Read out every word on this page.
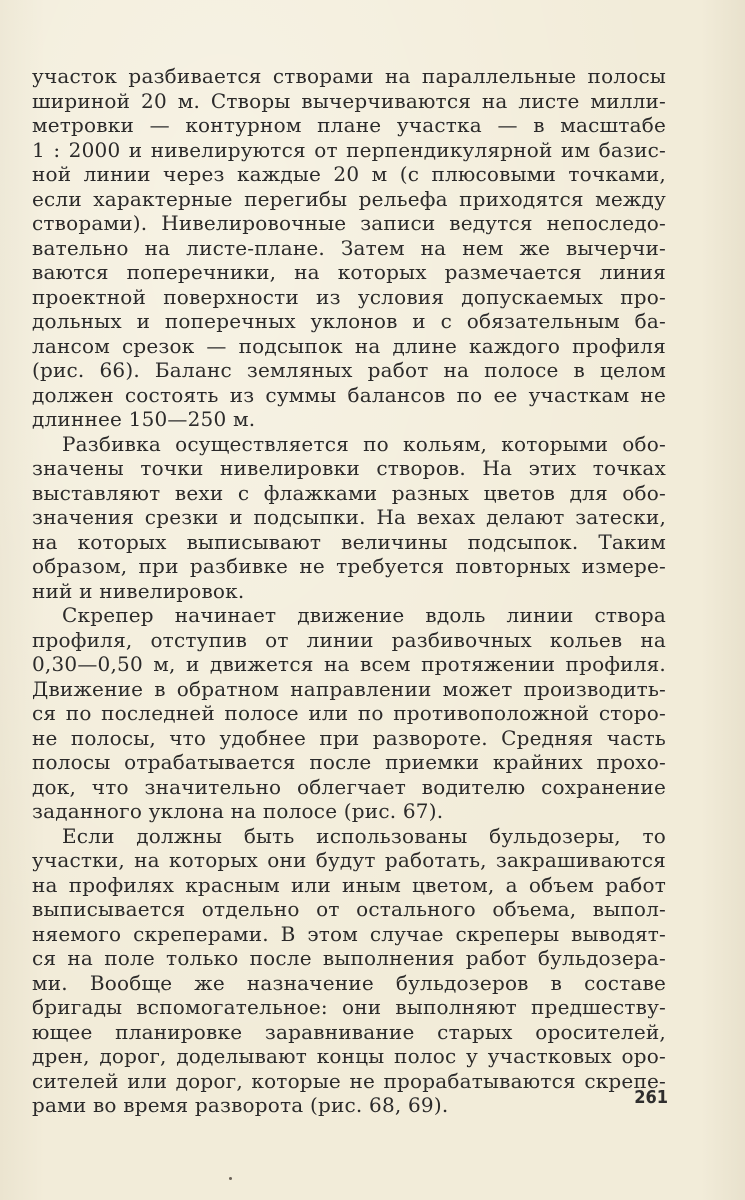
участок разбивается створами на параллельные полосы
шириной 20 м. Створы вычерчиваются на листе милли-
метровки — контурном плане участка — в масштабе
1 : 2000 и нивелируются от перпендикулярной им базис-
ной линии через каждые 20 м (с плюсовыми точками,
если характерные перегибы рельефа приходятся между
створами). Нивелировочные записи ведутся непоследо-
вательно на листе-плане. Затем на нем же вычерчи-
ваются поперечники, на которых размечается линия
проектной поверхности из условия допускаемых про-
дольных и поперечных уклонов и с обязательным ба-
лансом срезок — подсыпок на длине каждого профиля
(рис. 66). Баланс земляных работ на полосе в целом
должен состоять из суммы балансов по ее участкам не
длиннее 150—250 м.
Разбивка осуществляется по кольям, которыми обо-
значены точки нивелировки створов. На этих точках
выставляют вехи с флажками разных цветов для обо-
значения срезки и подсыпки. На вехах делают затески,
на которых выписывают величины подсыпок. Таким
образом, при разбивке не требуется повторных измере-
ний и нивелировок.
Скрепер начинает движение вдоль линии створа
профиля, отступив от линии разбивочных кольев на
0,30—0,50 м, и движется на всем протяжении профиля.
Движение в обратном направлении может производить-
ся по последней полосе или по противоположной сторо-
не полосы, что удобнее при развороте. Средняя часть
полосы отрабатывается после приемки крайних прохо-
док, что значительно облегчает водителю сохранение
заданного уклона на полосе (рис. 67).
Если должны быть использованы бульдозеры, то
участки, на которых они будут работать, закрашиваются
на профилях красным или иным цветом, а объем работ
выписывается отдельно от остального объема, выпол-
няемого скреперами. В этом случае скреперы выводят-
ся на поле только после выполнения работ бульдозера-
ми. Вообще же назначение бульдозеров в составе
бригады вспомогательное: они выполняют предшеству-
ющее планировке заравнивание старых оросителей,
дрен, дорог, доделывают концы полос у участковых оро-
сителей или дорог, которые не прорабатываются скрепе-
рами во время разворота (рис. 68, 69).	261
